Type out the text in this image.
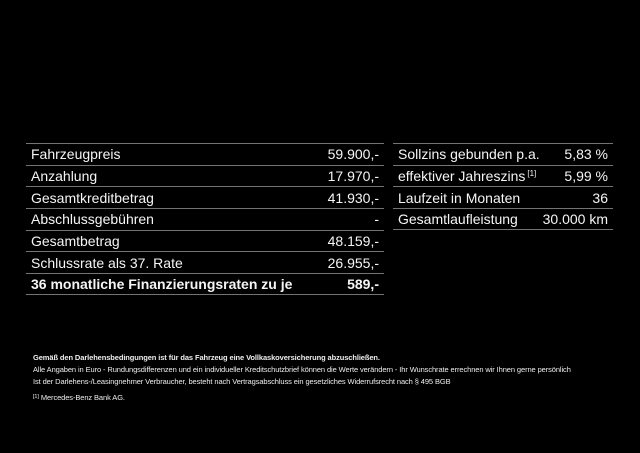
Fahrzeugpreis	59.900,-
Anzahlung	17.970,-
Gesamtkreditbetrag	41.930,-
Abschlussgebühren	-
Gesamtbetrag	48.159,-
Schlussrate als 37. Rate	26.955,-
36 monatliche Finanzierungsraten zu je	589,-
Sollzins gebunden p.a. 5,83 %
effektiver Jahreszins [1] 5,99 %
Laufzeit in Monaten	36
Gesamtlaufleistung 30.000 km
Gemäß den Darlehensbedingungen ist für das Fahrzeug eine Vollkaskoversicherung abzuschließen.
Alle Angaben in Euro - Rundungsdifferenzen und ein individueller Kreditschutzbrief können die Werte verändern - Ihr Wunschrate errechnen wir Ihnen gerne persönlich
Ist der Darlehens-/Leasingnehmer Verbraucher, besteht nach Vertragsabschluss ein gesetzliches Widerrufsrecht nach § 495 BGB
[1] Mercedes-Benz Bank AG.
